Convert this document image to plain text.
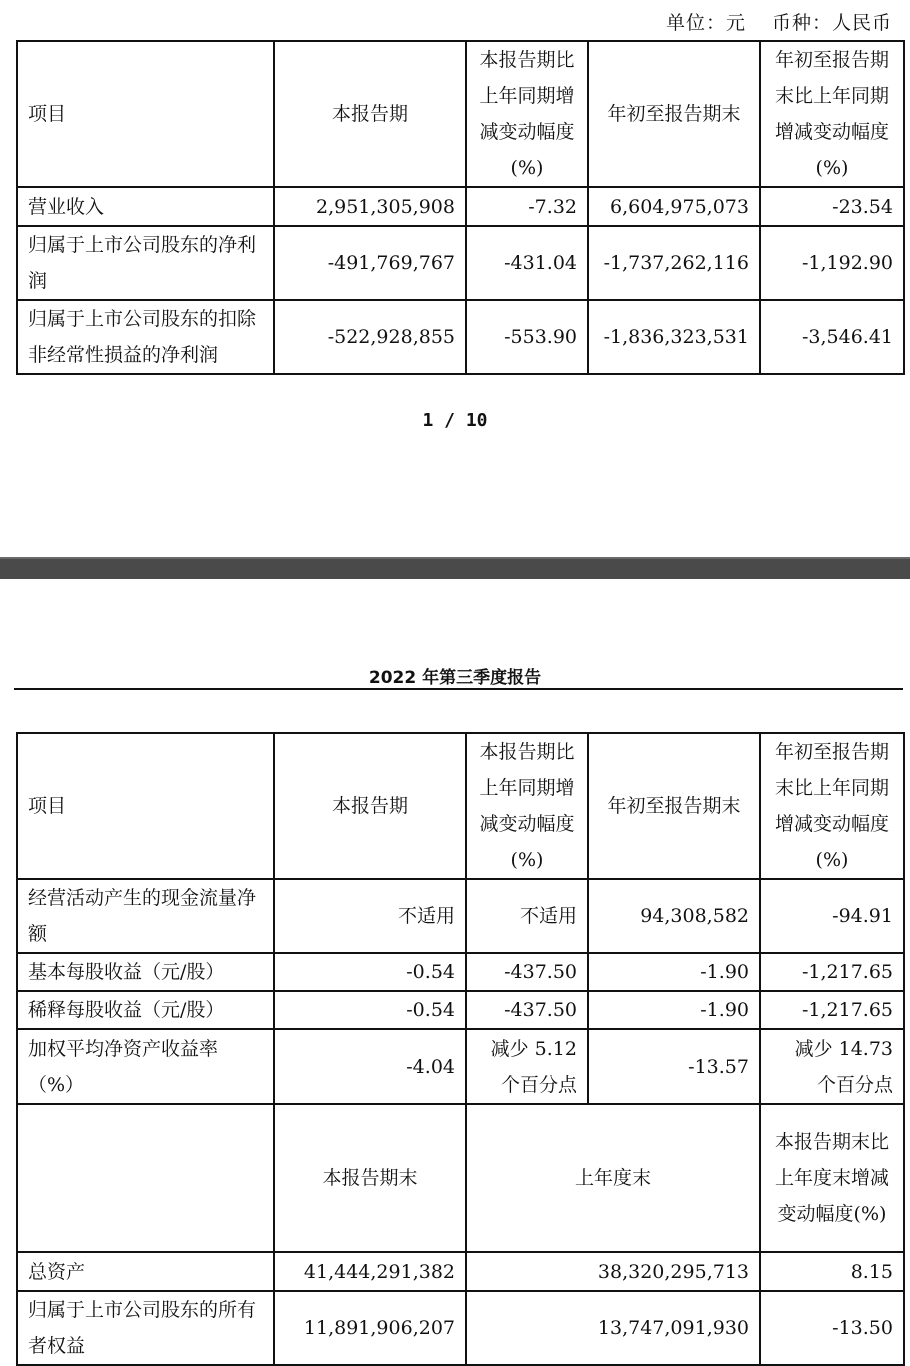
单位：元 币种：人民币
项目	本报告期	本报告期比上年同期增减变动幅度(%)	年初至报告期末	年初至报告期末比上年同期增减变动幅度(%)
营业收入	2,951,305,908	-7.32	6,604,975,073	-23.54
归属于上市公司股东的净利润	-491,769,767	-431.04	-1,737,262,116	-1,192.90
归属于上市公司股东的扣除非经常性损益的净利润	-522,928,855	-553.90	-1,836,323,531	-3,546.41
1 / 10
2022 年第三季度报告
项目	本报告期	本报告期比上年同期增减变动幅度(%)	年初至报告期末	年初至报告期末比上年同期增减变动幅度(%)
经营活动产生的现金流量净额	不适用	不适用	94,308,582	-94.91
基本每股收益（元/股）	-0.54	-437.50	-1.90	-1,217.65
稀释每股收益（元/股）	-0.54	-437.50	-1.90	-1,217.65
加权平均净资产收益率（%）	-4.04	减少 5.12 个百分点	-13.57	减少 14.73 个百分点
	本报告期末	上年度末		本报告期末比上年度末增减变动幅度(%)
总资产	41,444,291,382	38,320,295,713		8.15
归属于上市公司股东的所有者权益	11,891,906,207	13,747,091,930		-13.50
